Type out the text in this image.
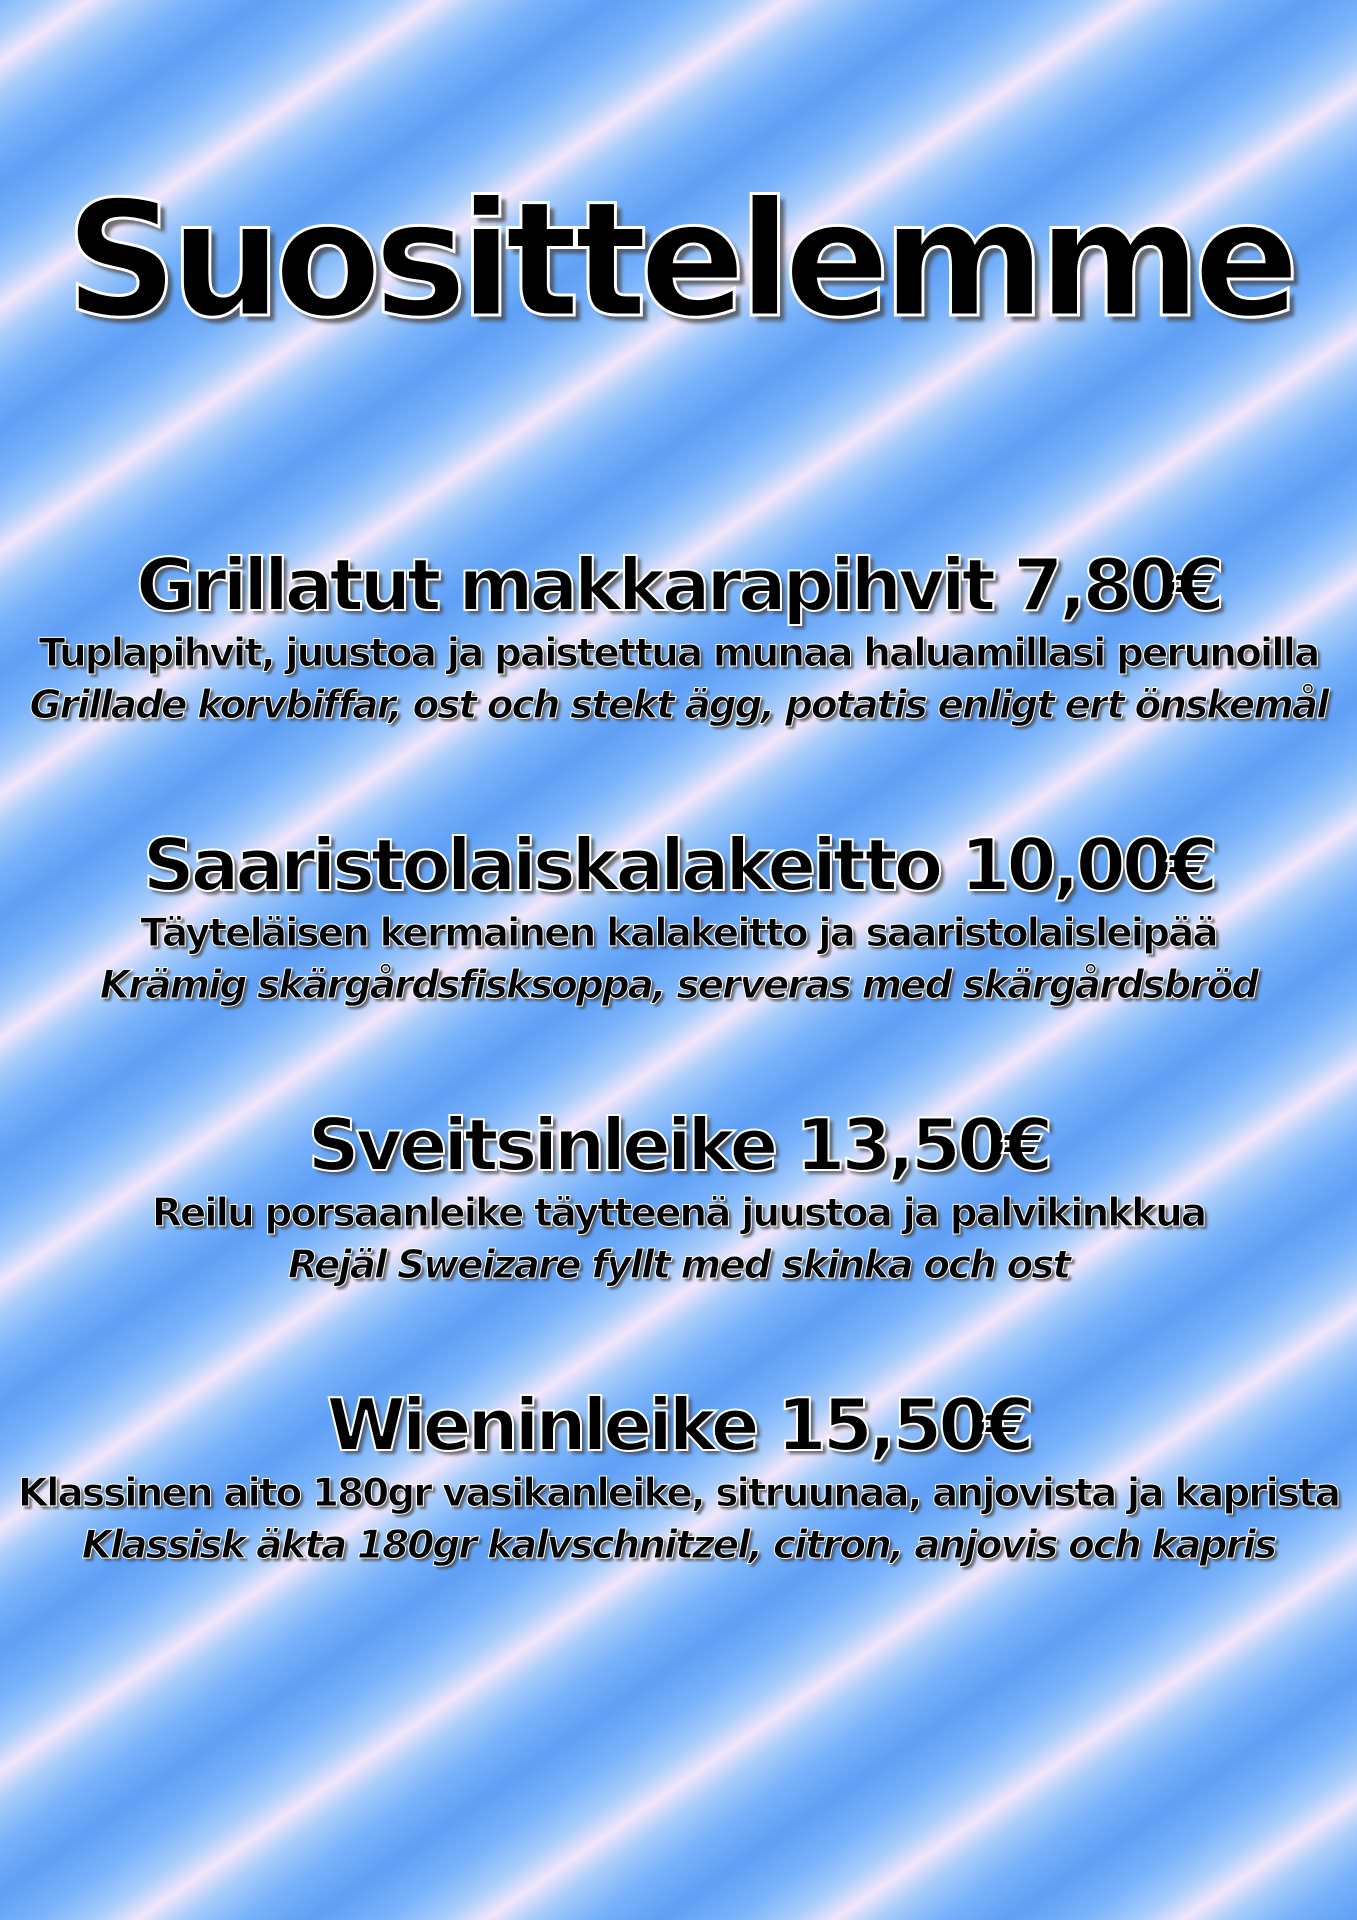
Suosittelemme
Grillatut makkarapihvit 7,80€
Tuplapihvit, juustoa ja paistettua munaa haluamillasi perunoilla
Grillade korvbiffar, ost och stekt ägg, potatis enligt ert önskemål
Saaristolaiskalakeitto 10,00€
Täyteläisen kermainen kalakeitto ja saaristolaisleipää
Krämig skärgårdsfisksoppa, serveras med skärgårdsbröd
Sveitsinleike 13,50€
Reilu porsaanleike täytteenä juustoa ja palvikinkkua
Rejäl Sweizare fyllt med skinka och ost
Wieninleike 15,50€
Klassinen aito 180gr vasikanleike, sitruunaa, anjovista ja kaprista
Klassisk äkta 180gr kalvschnitzel, citron, anjovis och kapris
